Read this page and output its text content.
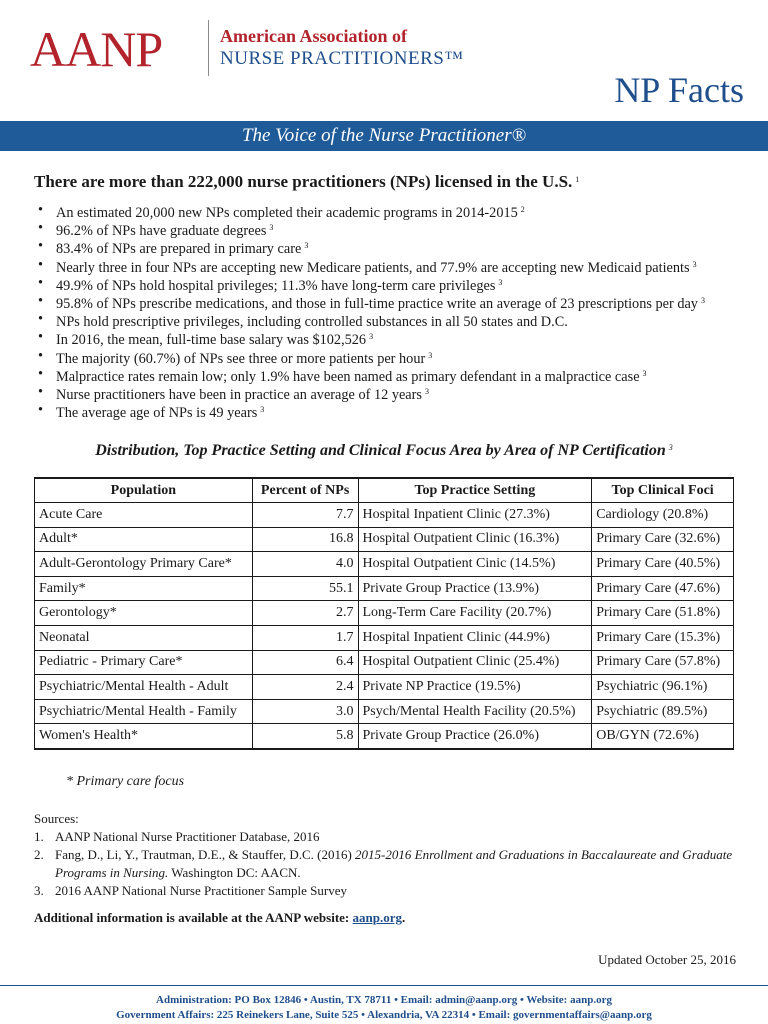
AANP	American Association of
NURSE PRACTITIONERS™
NP Facts
The Voice of the Nurse Practitioner®
There are more than 222,000 nurse practitioners (NPs) licensed in the U.S. $^1$
• An estimated 20,000 new NPs completed their academic programs in 2014-2015 $^2$
• 96.2% of NPs have graduate degrees $^3$
• 83.4% of NPs are prepared in primary care $^3$
• Nearly three in four NPs are accepting new Medicare patients, and 77.9% are accepting new Medicaid patients $^3$
• 49.9% of NPs hold hospital privileges; 11.3% have long-term care privileges $^3$
• 95.8% of NPs prescribe medications, and those in full-time practice write an average of 23 prescriptions per day $^3$
• NPs hold prescriptive privileges, including controlled substances in all 50 states and D.C.
• In 2016, the mean, full-time base salary was $102,526 $^3$
• The majority (60.7%) of NPs see three or more patients per hour $^3$
• Malpractice rates remain low; only 1.9% have been named as primary defendant in a malpractice case $^3$
• Nurse practitioners have been in practice an average of 12 years $^3$
• The average age of NPs is 49 years $^3$
Distribution, Top Practice Setting and Clinical Focus Area by Area of NP Certification $^3$
Population	Percent of NPs	Top Practice Setting	Top Clinical Foci
Acute Care	7.7	Hospital Inpatient Clinic (27.3%)	Cardiology (20.8%)
Adult*	16.8	Hospital Outpatient Clinic (16.3%)	Primary Care (32.6%)
Adult-Gerontology Primary Care*	4.0	Hospital Outpatient Cinic (14.5%)	Primary Care (40.5%)
Family*	55.1	Private Group Practice (13.9%)	Primary Care (47.6%)
Gerontology*	2.7	Long-Term Care Facility (20.7%)	Primary Care (51.8%)
Neonatal	1.7	Hospital Inpatient Clinic (44.9%)	Primary Care (15.3%)
Pediatric - Primary Care*	6.4	Hospital Outpatient Clinic (25.4%)	Primary Care (57.8%)
Psychiatric/Mental Health - Adult	2.4	Private NP Practice (19.5%)	Psychiatric (96.1%)
Psychiatric/Mental Health - Family	3.0	Psych/Mental Health Facility (20.5%)	Psychiatric (89.5%)
Women's Health*	5.8	Private Group Practice (26.0%)	OB/GYN (72.6%)
* Primary care focus
Sources:
1. AANP National Nurse Practitioner Database, 2016
2. Fang, D., Li, Y., Trautman, D.E., & Stauffer, D.C. (2016) 2015-2016 Enrollment and Graduations in Baccalaureate and Graduate Programs in Nursing. Washington DC: AACN.
3. 2016 AANP National Nurse Practitioner Sample Survey
Additional information is available at the AANP website: aanp.org.
Updated October 25, 2016
Administration: PO Box 12846 • Austin, TX 78711 • Email: admin@aanp.org • Website: aanp.org
Government Affairs: 225 Reinekers Lane, Suite 525 • Alexandria, VA 22314 • Email: governmentaffairs@aanp.org
